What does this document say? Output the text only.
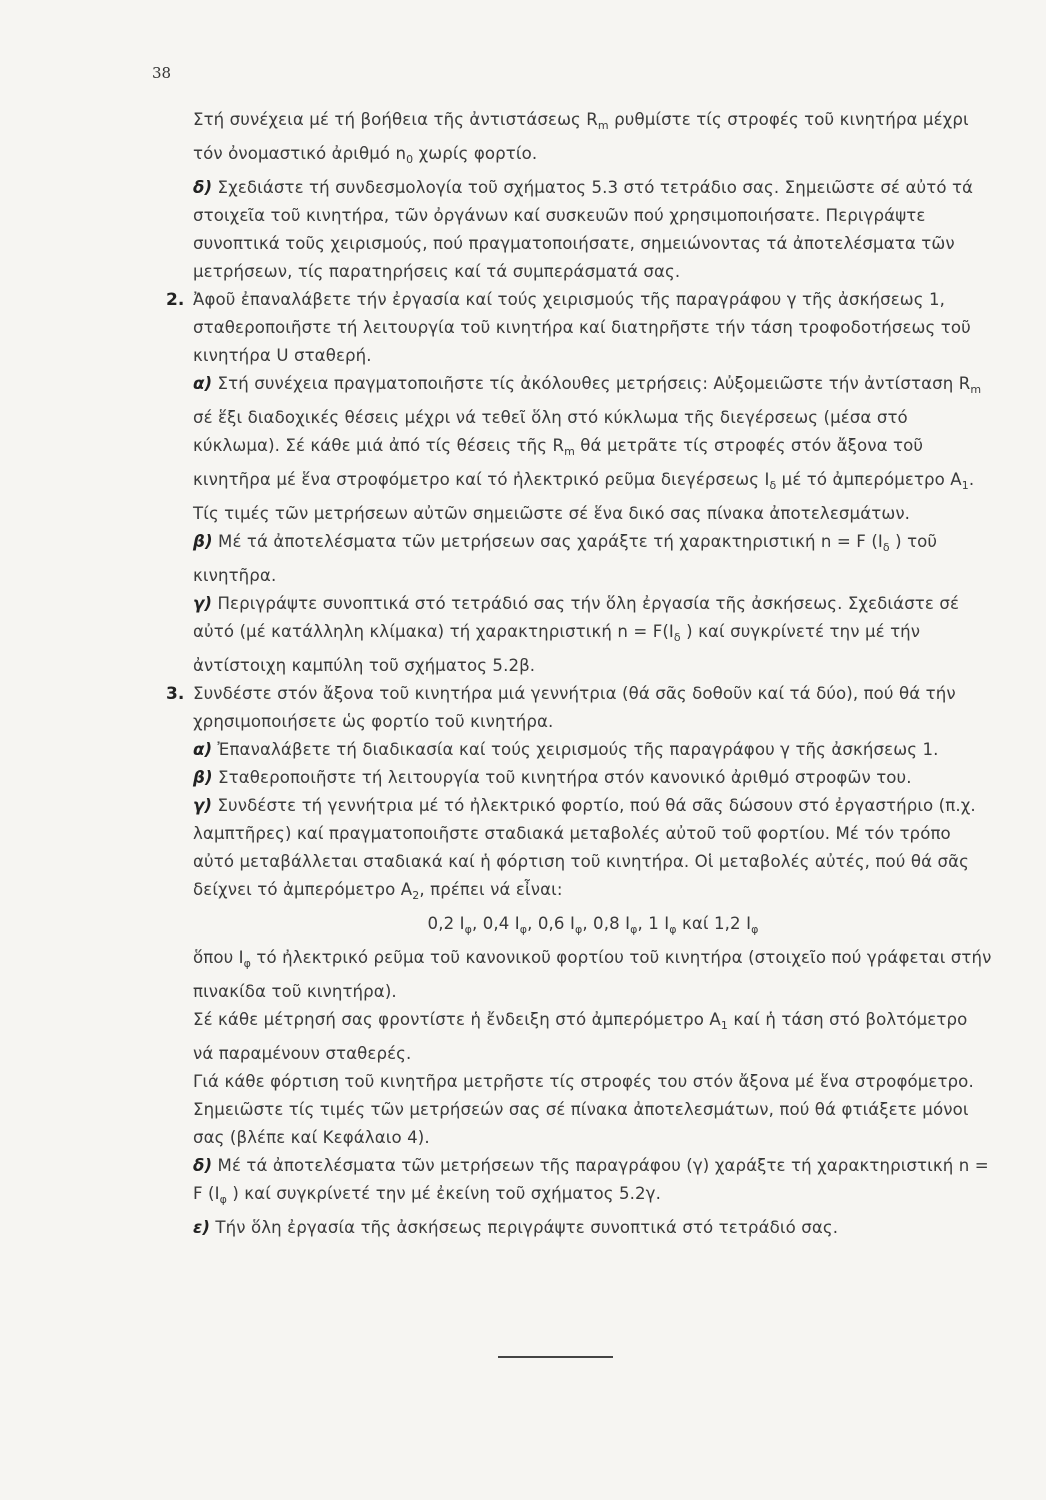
38

Στή συνέχεια μέ τή βοήθεια τῆς ἀντιστάσεως $R_m$ ρυθμίστε τίς στροφές τοῦ κινητήρα μέχρι τόν ὀνομαστικό ἀριθμό $n_0$ χωρίς φορτίο.

δ) Σχεδιάστε τή συνδεσμολογία τοῦ σχήματος 5.3 στό τετράδιο σας. Σημειῶστε σέ αὐτό τά στοιχεῖα τοῦ κινητήρα, τῶν ὀργάνων καί συσκευῶν πού χρησιμοποιήσατε. Περιγράψτε συνοπτικά τοῦς χειρισμούς, πού πραγματοποιήσατε, σημειώνοντας τά ἀποτελέσματα τῶν μετρήσεων, τίς παρατηρήσεις καί τά συμπεράσματά σας.

2. Ἀφοῦ ἐπαναλάβετε τήν ἐργασία καί τούς χειρισμούς τῆς παραγράφου γ τῆς ἀσκήσεως 1, σταθεροποιῆστε τή λειτουργία τοῦ κινητήρα καί διατηρῆστε τήν τάση τροφοδοτήσεως τοῦ κινητήρα U σταθερή.

α) Στή συνέχεια πραγματοποιῆστε τίς ἀκόλουθες μετρήσεις: Αὐξομειῶστε τήν ἀντίσταση $R_m$ σέ ἕξι διαδοχικές θέσεις μέχρι νά τεθεῖ ὅλη στό κύκλωμα τῆς διεγέρσεως (μέσα στό κύκλωμα). Σέ κάθε μιά ἀπό τίς θέσεις τῆς $R_m$ θά μετρᾶτε τίς στροφές στόν ἄξονα τοῦ κινητῆρα μέ ἕνα στροφόμετρο καί τό ἠλεκτρικό ρεῦμα διεγέρσεως $I_\delta$ μέ τό ἀμπερόμετρο $A_1$. Τίς τιμές τῶν μετρήσεων αὐτῶν σημειῶστε σέ ἕνα δικό σας πίνακα ἀποτελεσμάτων.

β) Μέ τά ἀποτελέσματα τῶν μετρήσεων σας χαράξτε τή χαρακτηριστική n = F ($I_\delta$ ) τοῦ κινητῆρα.

γ) Περιγράψτε συνοπτικά στό τετράδιό σας τήν ὅλη ἐργασία τῆς ἀσκήσεως. Σχεδιάστε σέ αὐτό (μέ κατάλληλη κλίμακα) τή χαρακτηριστική $n = F(I_\delta$ ) καί συγκρίνετέ την μέ τήν ἀντίστοιχη καμπύλη τοῦ σχήματος 5.2β.

3. Συνδέστε στόν ἄξονα τοῦ κινητήρα μιά γεννήτρια (θά σᾶς δοθοῦν καί τά δύο), πού θά τήν χρησιμοποιήσετε ὡς φορτίο τοῦ κινητήρα.

α) Ἐπαναλάβετε τή διαδικασία καί τούς χειρισμούς τῆς παραγράφου γ τῆς ἀσκήσεως 1.

β) Σταθεροποιῆστε τή λειτουργία τοῦ κινητήρα στόν κανονικό ἀριθμό στροφῶν του.

γ) Συνδέστε τή γεννήτρια μέ τό ἠλεκτρικό φορτίο, πού θά σᾶς δώσουν στό ἐργαστήριο (π.χ. λαμπτῆρες) καί πραγματοποιῆστε σταδιακά μεταβολές αὐτοῦ τοῦ φορτίου. Μέ τόν τρόπο αὐτό μεταβάλλεται σταδιακά καί ἡ φόρτιση τοῦ κινητήρα. Οἱ μεταβολές αὐτές, πού θά σᾶς δείχνει τό ἀμπερόμετρο $A_2$, πρέπει νά εἶναι:

0,2 $I_\varphi$, 0,4 $I_\varphi$, 0,6 $I_\varphi$, 0,8 $I_\varphi$, 1 $I_\varphi$ καί 1,2 $I_\varphi$

ὅπου $I_\varphi$ τό ἠλεκτρικό ρεῦμα τοῦ κανονικοῦ φορτίου τοῦ κινητήρα (στοιχεῖο πού γράφεται στήν πινακίδα τοῦ κινητήρα).

Σέ κάθε μέτρησή σας φροντίστε ἡ ἔνδειξη στό ἀμπερόμετρο $A_1$ καί ἡ τάση στό βολτόμετρο νά παραμένουν σταθερές.

Γιά κάθε φόρτιση τοῦ κινητῆρα μετρῆστε τίς στροφές του στόν ἄξονα μέ ἕνα στροφόμετρο. Σημειῶστε τίς τιμές τῶν μετρήσεών σας σέ πίνακα ἀποτελεσμάτων, πού θά φτιάξετε μόνοι σας (βλέπε καί Κεφάλαιο 4).

δ) Μέ τά ἀποτελέσματα τῶν μετρήσεων τῆς παραγράφου (γ) χαράξτε τή χαρακτηριστική n = F ($I_\varphi$ ) καί συγκρίνετέ την μέ ἐκείνη τοῦ σχήματος 5.2γ.

ε) Τήν ὅλη ἐργασία τῆς ἀσκήσεως περιγράψτε συνοπτικά στό τετράδιό σας.
